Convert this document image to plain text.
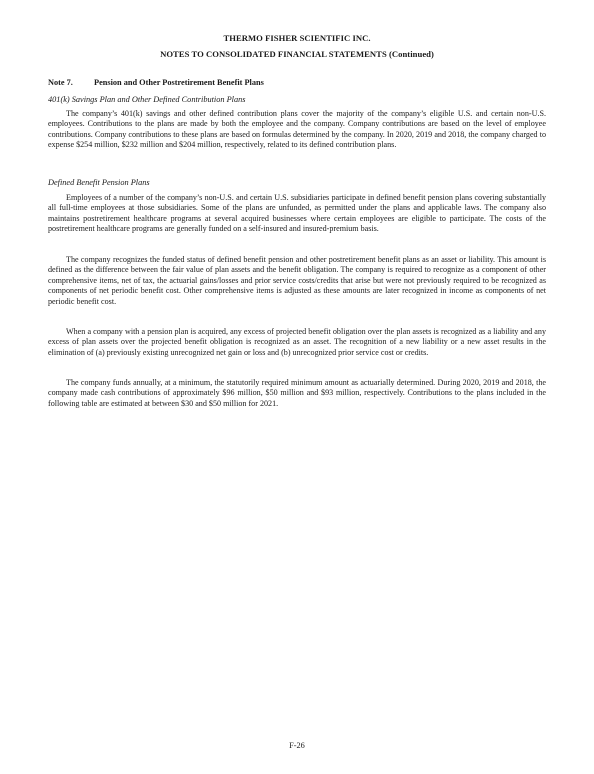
THERMO FISHER SCIENTIFIC INC.
NOTES TO CONSOLIDATED FINANCIAL STATEMENTS (Continued)
Note 7.	Pension and Other Postretirement Benefit Plans
401(k) Savings Plan and Other Defined Contribution Plans

The company’s 401(k) savings and other defined contribution plans cover the majority of the company’s eligible U.S. and certain non-U.S. employees. Contributions to the plans are made by both the employee and the company. Company contributions are based on the level of employee contributions. Company contributions to these plans are based on formulas determined by the company. In 2020, 2019 and 2018, the company charged to expense $254 million, $232 million and $204 million, respectively, related to its defined contribution plans.

Defined Benefit Pension Plans

Employees of a number of the company’s non-U.S. and certain U.S. subsidiaries participate in defined benefit pension plans covering substantially all full-time employees at those subsidiaries. Some of the plans are unfunded, as permitted under the plans and applicable laws. The company also maintains postretirement healthcare programs at several acquired businesses where certain employees are eligible to participate. The costs of the postretirement healthcare programs are generally funded on a self-insured and insured-premium basis.

The company recognizes the funded status of defined benefit pension and other postretirement benefit plans as an asset or liability. This amount is defined as the difference between the fair value of plan assets and the benefit obligation. The company is required to recognize as a component of other comprehensive items, net of tax, the actuarial gains/losses and prior service costs/credits that arise but were not previously required to be recognized as components of net periodic benefit cost. Other comprehensive items is adjusted as these amounts are later recognized in income as components of net periodic benefit cost.

When a company with a pension plan is acquired, any excess of projected benefit obligation over the plan assets is recognized as a liability and any excess of plan assets over the projected benefit obligation is recognized as an asset. The recognition of a new liability or a new asset results in the elimination of (a) previously existing unrecognized net gain or loss and (b) unrecognized prior service cost or credits.

The company funds annually, at a minimum, the statutorily required minimum amount as actuarially determined. During 2020, 2019 and 2018, the company made cash contributions of approximately $96 million, $50 million and $93 million, respectively. Contributions to the plans included in the following table are estimated at between $30 and $50 million for 2021.

F-26
